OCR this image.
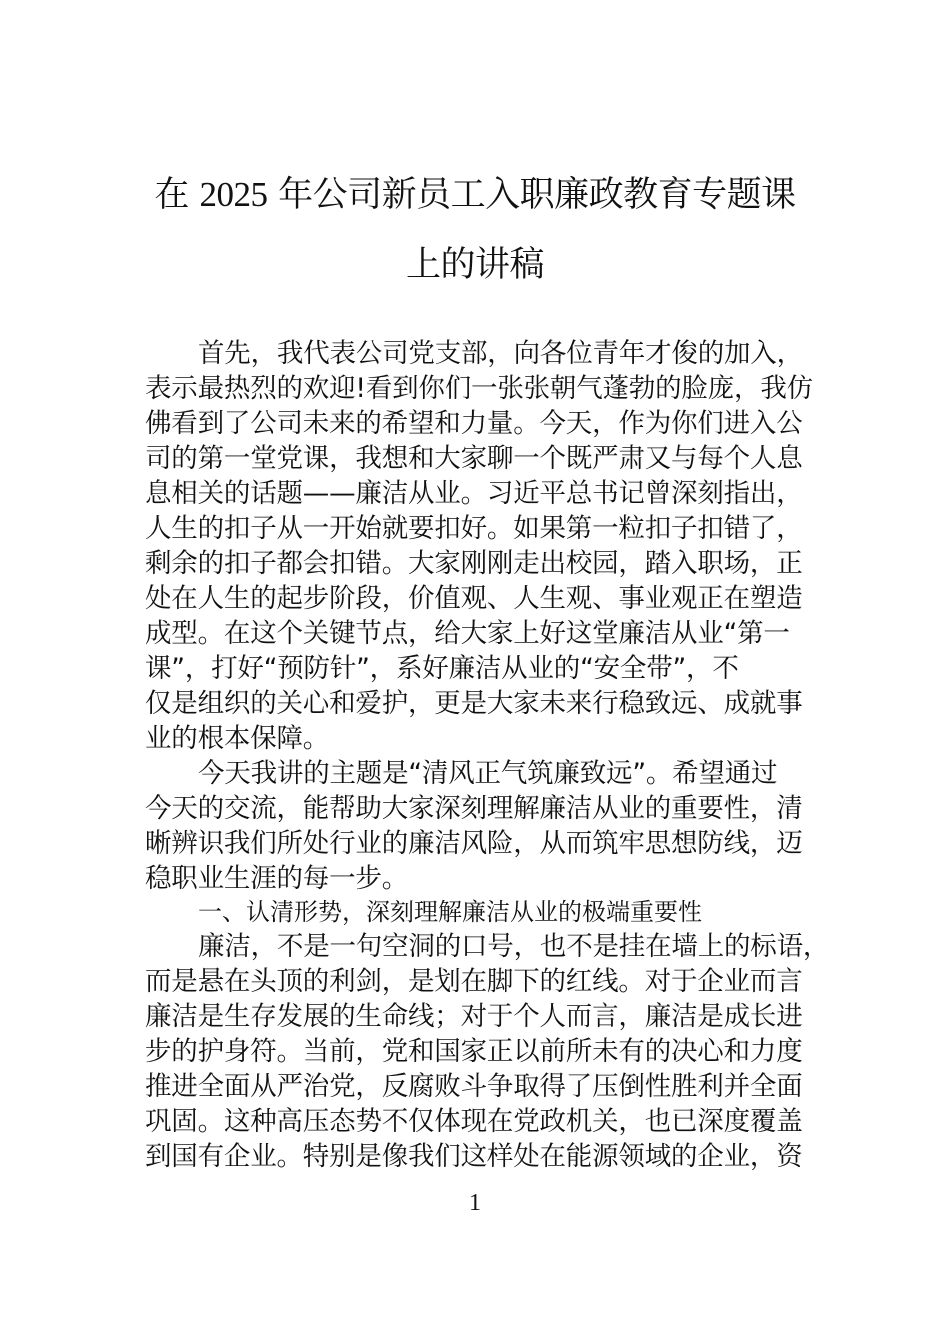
在 2025 年公司新员工入职廉政教育专题课
上的讲稿
首先，我代表公司党支部，向各位青年才俊的加入，
表示最热烈的欢迎!看到你们一张张朝气蓬勃的脸庞，我仿
佛看到了公司未来的希望和力量。今天，作为你们进入公
司的第一堂党课，我想和大家聊一个既严肃又与每个人息
息相关的话题——廉洁从业。习近平总书记曾深刻指出，
人生的扣子从一开始就要扣好。如果第一粒扣子扣错了，
剩余的扣子都会扣错。大家刚刚走出校园，踏入职场，正
处在人生的起步阶段，价值观、人生观、事业观正在塑造
成型。在这个关键节点，给大家上好这堂廉洁从业“第一
课”，打好“预防针”，系好廉洁从业的“安全带”，不
仅是组织的关心和爱护，更是大家未来行稳致远、成就事
业的根本保障。
今天我讲的主题是“清风正气筑廉致远”。希望通过
今天的交流，能帮助大家深刻理解廉洁从业的重要性，清
晰辨识我们所处行业的廉洁风险，从而筑牢思想防线，迈
稳职业生涯的每一步。
一、认清形势，深刻理解廉洁从业的极端重要性
廉洁，不是一句空洞的口号，也不是挂在墙上的标语，
而是悬在头顶的利剑，是划在脚下的红线。对于企业而言
廉洁是生存发展的生命线；对于个人而言，廉洁是成长进
步的护身符。当前，党和国家正以前所未有的决心和力度
推进全面从严治党，反腐败斗争取得了压倒性胜利并全面
巩固。这种高压态势不仅体现在党政机关，也已深度覆盖
到国有企业。特别是像我们这样处在能源领域的企业，资
1
